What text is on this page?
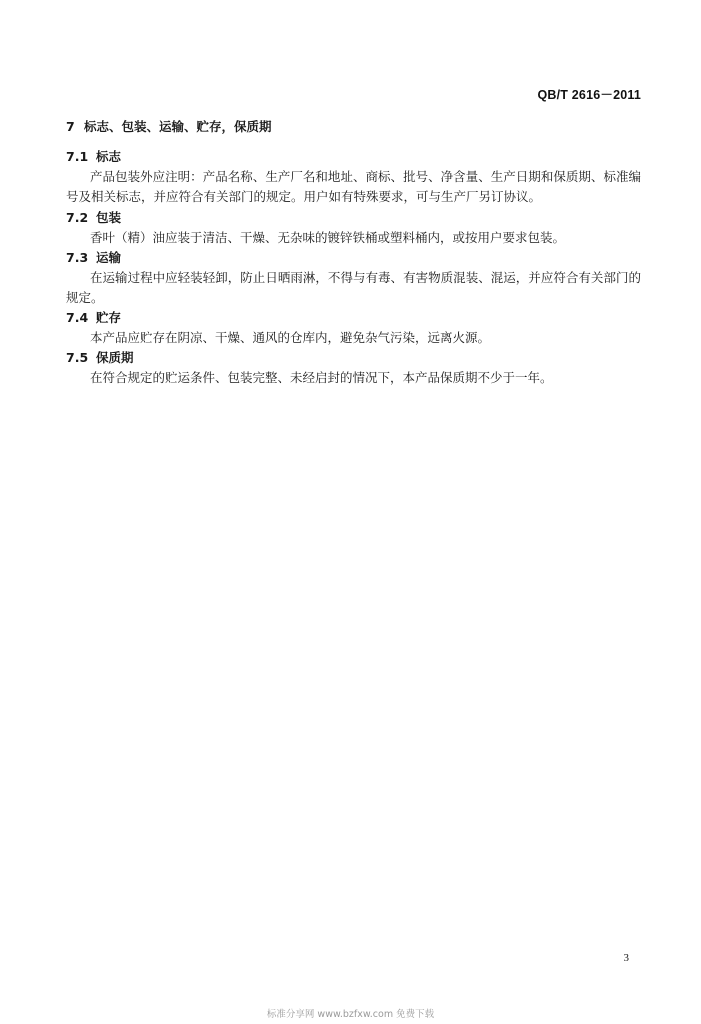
QB/T 2616－2011
7 标志、包装、运输、贮存，保质期
7.1 标志

产品包装外应注明：产品名称、生产厂名和地址、商标、批号、净含量、生产日期和保质期、标准编号及相关标志，并应符合有关部门的规定。用户如有特殊要求，可与生产厂另订协议。

7.2 包装

香叶（精）油应装于清洁、干燥、无杂味的镀锌铁桶或塑料桶内，或按用户要求包装。

7.3 运输

在运输过程中应轻装轻卸，防止日晒雨淋，不得与有毒、有害物质混装、混运，并应符合有关部门的规定。

7.4 贮存

本产品应贮存在阴凉、干燥、通风的仓库内，避免杂气污染，远离火源。

7.5 保质期

在符合规定的贮运条件、包装完整、未经启封的情况下，本产品保质期不少于一年。

3
标准分享网 www.bzfxw.com 免费下载
